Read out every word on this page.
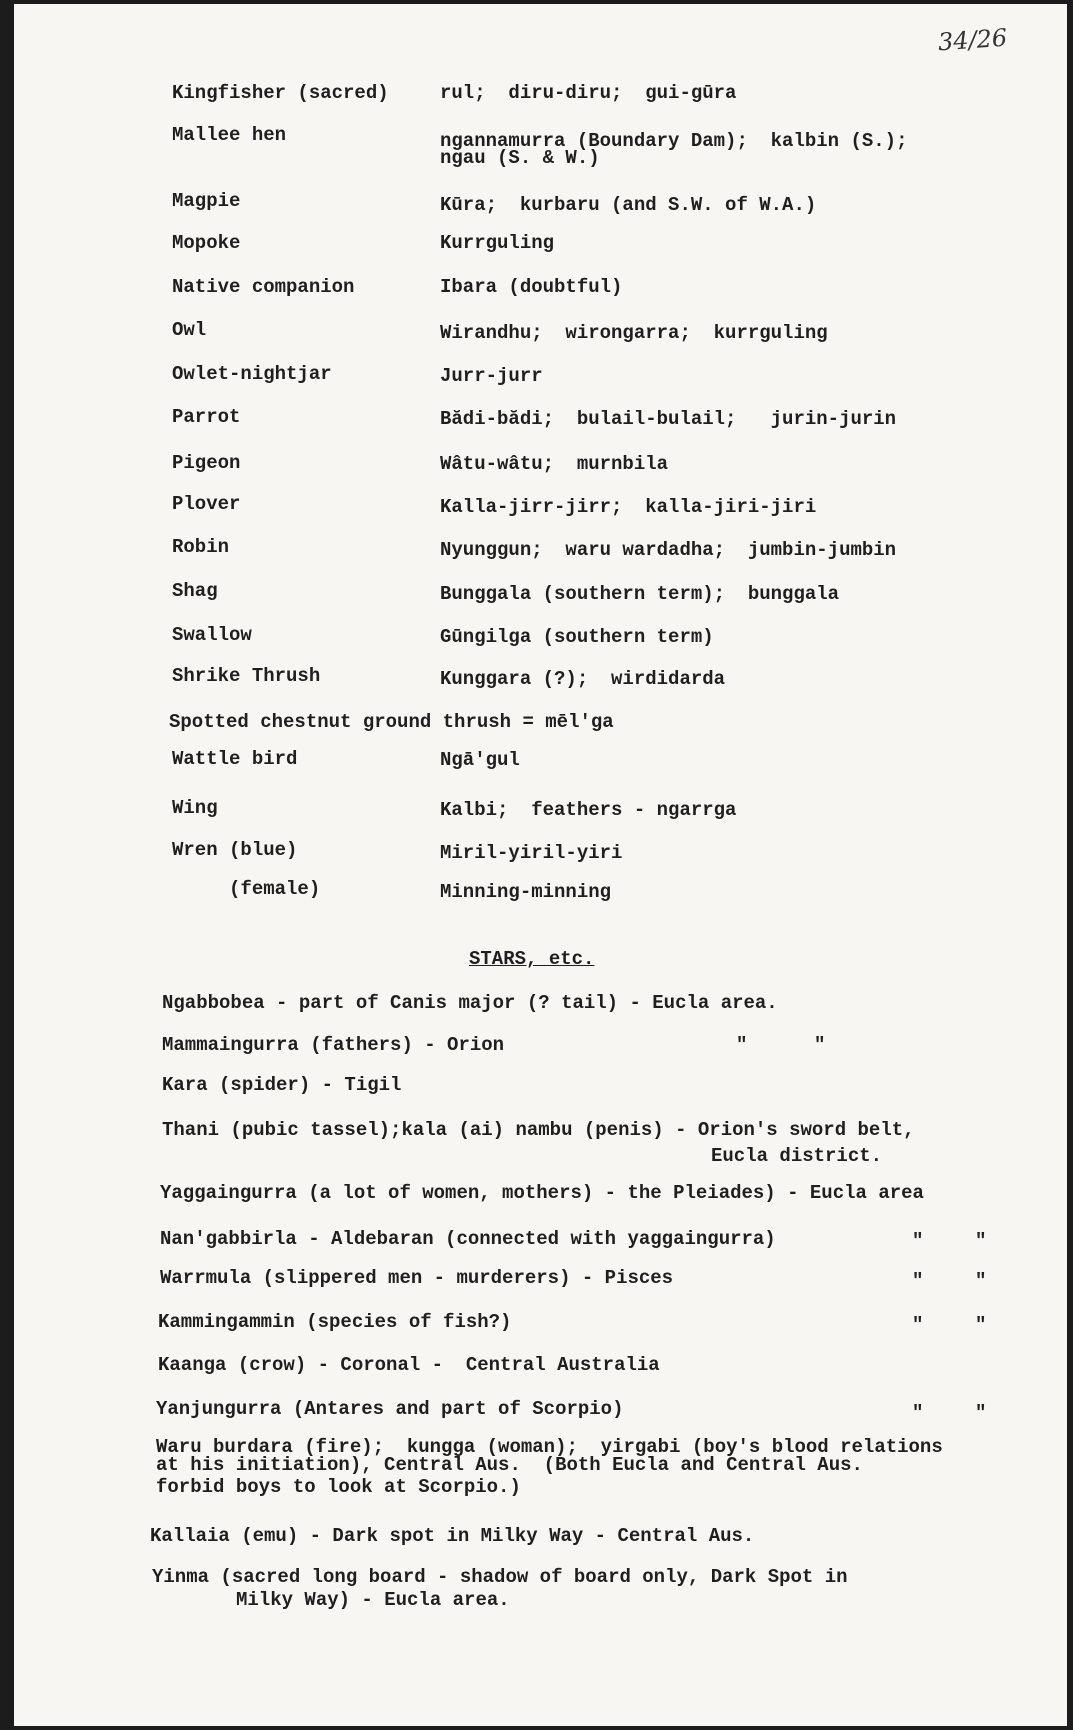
34/26
Kingfisher (sacred)	rul;  diru-diru;  gui-gūra
Mallee hen	ngannamurra (Boundary Dam);  kalbin (S.);
ngau (S. & W.)
Magpie	Kūra;  kurbaru (and S.W. of W.A.)
Mopoke	Kurrguling
Native companion	Ibara (doubtful)
Owl	Wirandhu;  wirongarra;  kurrguling
Owlet-nightjar	Jurr-jurr
Parrot	Bădi-bădi;  bulail-bulail;   jurin-jurin
Pigeon	Wâtu-wâtu;  murnbila
Plover	Kalla-jirr-jirr;  kalla-jiri-jiri
Robin	Nyunggun;  waru wardadha;  jumbin-jumbin
Shag	Bunggala (southern term);  bunggala
Swallow	Gūngilga (southern term)
Shrike Thrush	Kunggara (?);  wirdidarda
Spotted chestnut ground thrush = mēl'ga
Wattle bird	Ngā'gul
Wing	Kalbi;  feathers - ngarrga
Wren (blue)	Miril-yiril-yiri
(female)	Minning-minning
STARS, etc.
Ngabbobea - part of Canis major (? tail) - Eucla area.
Mammaingurra (fathers) - Orion	"	"
Kara (spider) - Tigil
Thani (pubic tassel);kala (ai) nambu (penis) - Orion's sword belt,
Eucla district.
Yaggaingurra (a lot of women, mothers) - the Pleiades) - Eucla area
Nan'gabbirla - Aldebaran (connected with yaggaingurra)	"	"
Warrmula (slippered men - murderers) - Pisces	"	"
Kammingammin (species of fish?)	"	"
Kaanga (crow) - Coronal -  Central Australia
Yanjungurra (Antares and part of Scorpio)	"	"
Waru burdara (fire);  kungga (woman);  yirgabi (boy's blood relations
at his initiation), Central Aus.  (Both Eucla and Central Aus.
forbid boys to look at Scorpio.)
Kallaia (emu) - Dark spot in Milky Way - Central Aus.
Yinma (sacred long board - shadow of board only, Dark Spot in
Milky Way) - Eucla area.
